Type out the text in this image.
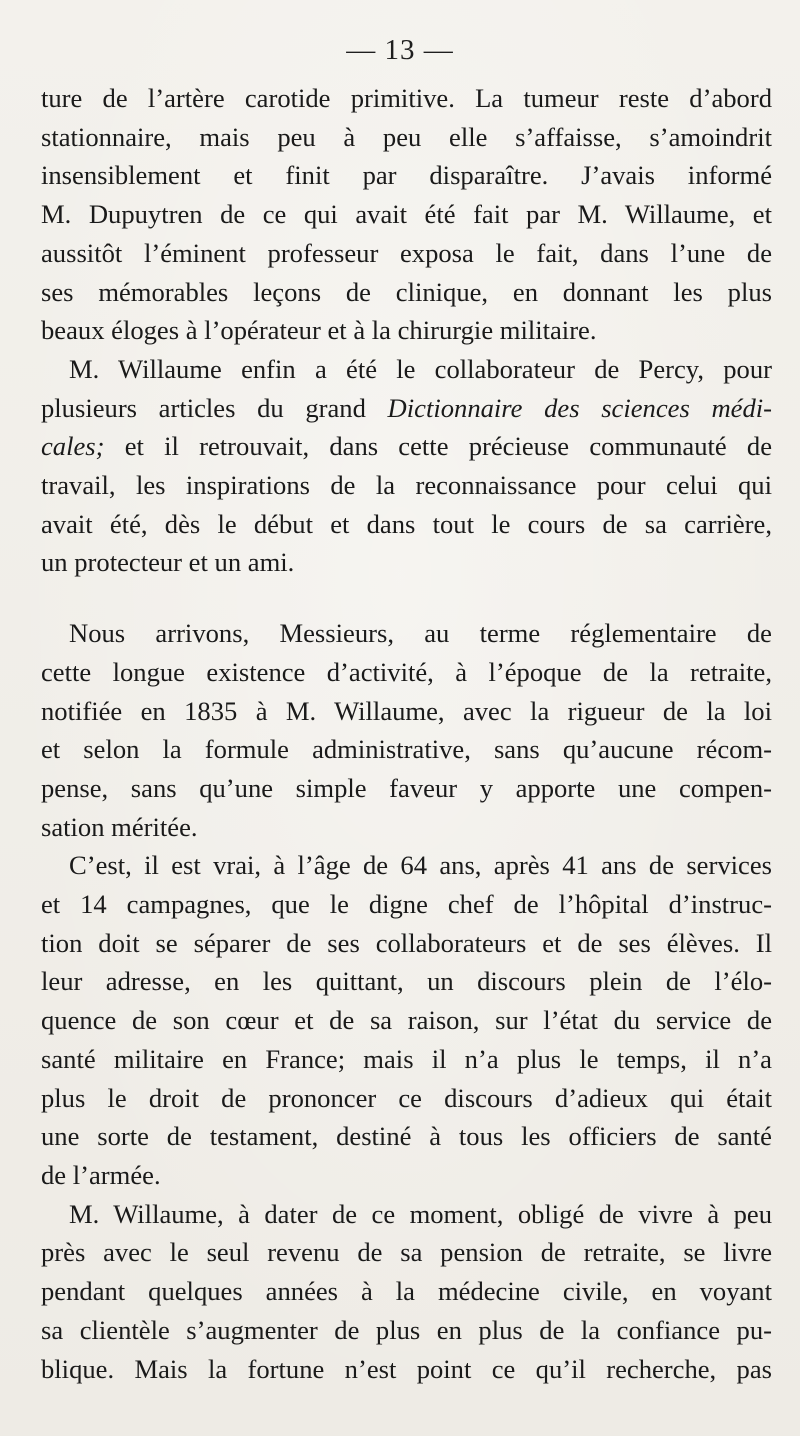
— 13 —

ture de l’artère carotide primitive. La tumeur reste d’abord
stationnaire, mais peu à peu elle s’affaisse, s’amoindrit
insensiblement et finit par disparaître. J’avais informé
M. Dupuytren de ce qui avait été fait par M. Willaume, et
aussitôt l’éminent professeur exposa le fait, dans l’une de
ses mémorables leçons de clinique, en donnant les plus
beaux éloges à l’opérateur et à la chirurgie militaire.

M. Willaume enfin a été le collaborateur de Percy, pour
plusieurs articles du grand Dictionnaire des sciences médi-
cales; et il retrouvait, dans cette précieuse communauté de
travail, les inspirations de la reconnaissance pour celui qui
avait été, dès le début et dans tout le cours de sa carrière,
un protecteur et un ami.

Nous arrivons, Messieurs, au terme réglementaire de
cette longue existence d’activité, à l’époque de la retraite,
notifiée en 1835 à M. Willaume, avec la rigueur de la loi
et selon la formule administrative, sans qu’aucune récom-
pense, sans qu’une simple faveur y apporte une compen-
sation méritée.

C’est, il est vrai, à l’âge de 64 ans, après 41 ans de services
et 14 campagnes, que le digne chef de l’hôpital d’instruc-
tion doit se séparer de ses collaborateurs et de ses élèves. Il
leur adresse, en les quittant, un discours plein de l’élo-
quence de son cœur et de sa raison, sur l’état du service de
santé militaire en France; mais il n’a plus le temps, il n’a
plus le droit de prononcer ce discours d’adieux qui était
une sorte de testament, destiné à tous les officiers de santé
de l’armée.

M. Willaume, à dater de ce moment, obligé de vivre à peu
près avec le seul revenu de sa pension de retraite, se livre
pendant quelques années à la médecine civile, en voyant
sa clientèle s’augmenter de plus en plus de la confiance pu-
blique. Mais la fortune n’est point ce qu’il recherche, pas
